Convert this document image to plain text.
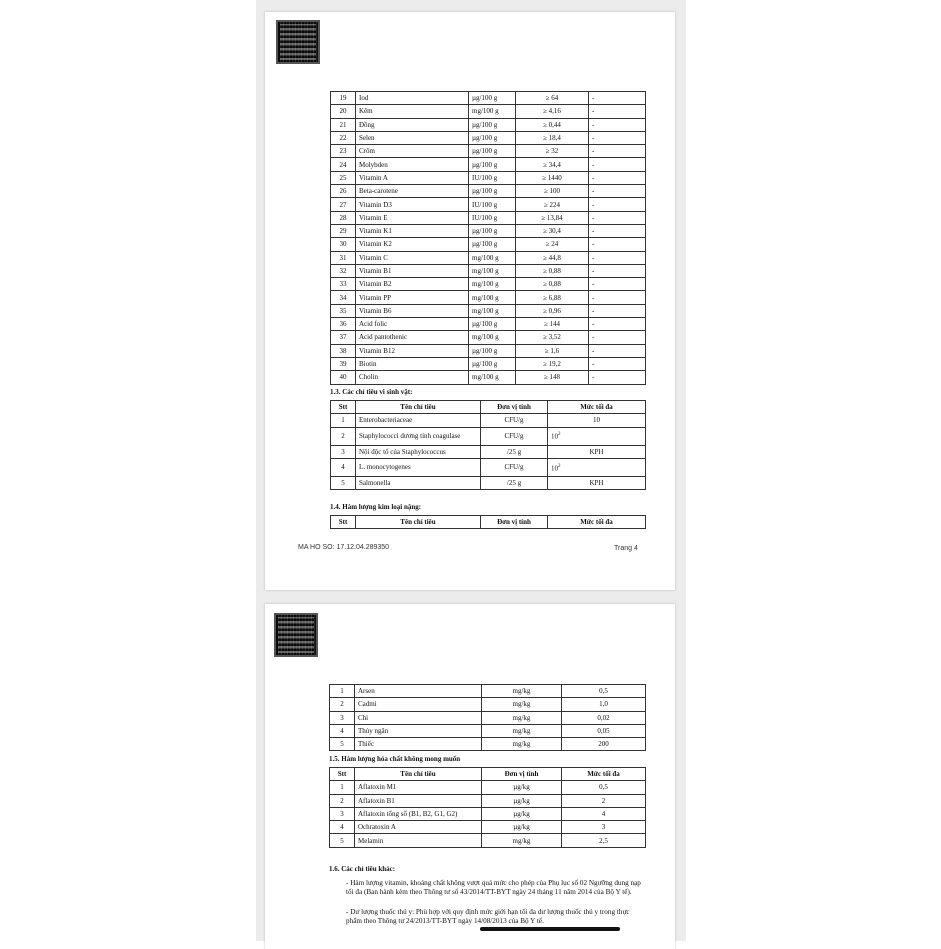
19	Iod	µg/100 g	≥ 64	-
20	Kẽm	mg/100 g	≥ 4,16	-
21	Đồng	µg/100 g	≥ 0,44	-
22	Selen	µg/100 g	≥ 18,4	-
23	Crôm	µg/100 g	≥ 32	-
24	Molybden	µg/100 g	≥ 34,4	-
25	Vitamin A	IU/100 g	≥ 1440	-
26	Beta-carotene	µg/100 g	≥ 100	-
27	Vitamin D3	IU/100 g	≥ 224	-
28	Vitamin E	IU/100 g	≥ 13,84	-
29	Vitamin K1	µg/100 g	≥ 30,4	-
30	Vitamin K2	µg/100 g	≥ 24	-
31	Vitamin C	mg/100 g	≥ 44,8	-
32	Vitamin B1	mg/100 g	≥ 0,88	-
33	Vitamin B2	mg/100 g	≥ 0,88	-
34	Vitamin PP	mg/100 g	≥ 6,88	-
35	Vitamin B6	mg/100 g	≥ 0,96	-
36	Acid folic	µg/100 g	≥ 144	-
37	Acid pantothenic	mg/100 g	≥ 3,52	-
38	Vitamin B12	µg/100 g	≥ 1,6	-
39	Biotin	µg/100 g	≥ 19,2	-
40	Cholin	mg/100 g	≥ 148	-
1.3. Các chỉ tiêu vi sinh vật:
Stt	Tên chỉ tiêu	Đơn vị tính	Mức tối đa
1	Enterobacteriaceae	CFU/g	10
2	Staphylococci dương tính coagulase	CFU/g	$10^2$
3	Nội độc tố của Staphylococcus	/25 g	KPH
4	L. monocytogenes	CFU/g	$10^2$
5	Salmonella	/25 g	KPH
1.4. Hàm lượng kim loại nặng:
Stt	Tên chỉ tiêu	Đơn vị tính	Mức tối đa
MA HO SO: 17.12.04.289350	Trang 4
1	Arsen	mg/kg	0,5
2	Cadmi	mg/kg	1,0
3	Chì	mg/kg	0,02
4	Thủy ngân	mg/kg	0,05
5	Thiếc	mg/kg	200
1.5. Hàm lượng hóa chất không mong muốn
Stt	Tên chỉ tiêu	Đơn vị tính	Mức tối đa
1	Aflatoxin M1	µg/kg	0,5
2	Aflatoxin B1	µg/kg	2
3	Aflatoxin tổng số (B1, B2, G1, G2)	µg/kg	4
4	Ochratoxin A	µg/kg	3
5	Melamin	mg/kg	2,5
1.6. Các chỉ tiêu khác:
- Hàm lượng vitamin, khoáng chất không vượt quá mức cho phép của Phụ lục số 02 Ngưỡng dung nạp tối đa (Ban hành kèm theo Thông tư số 43/2014/TT-BYT ngày 24 tháng 11 năm 2014 của Bộ Y tế).
- Dư lượng thuốc thú y: Phù hợp với quy định mức giới hạn tối đa dư lượng thuốc thú y trong thực phẩm theo Thông tư 24/2013/TT-BYT ngày 14/08/2013 của Bộ Y tế.
